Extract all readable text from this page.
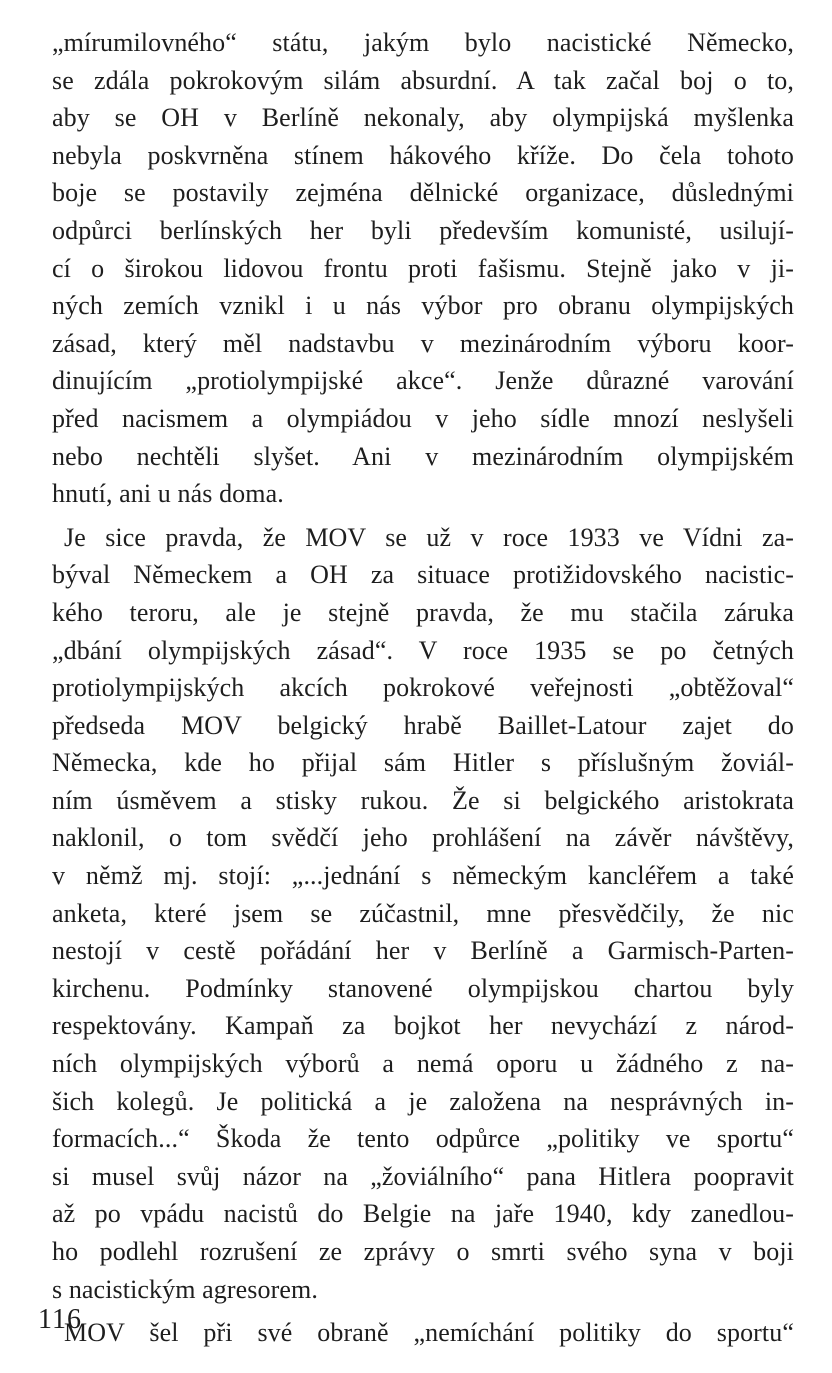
„mírumilovného“ státu, jakým bylo nacistické Německo,
se zdála pokrokovým silám absurdní. A tak začal boj o to,
aby se OH v Berlíně nekonaly, aby olympijská myšlenka
nebyla poskvrněna stínem hákového kříže. Do čela tohoto
boje se postavily zejména dělnické organizace, důslednými
odpůrci berlínských her byli především komunisté, usilují-
cí o širokou lidovou frontu proti fašismu. Stejně jako v ji-
ných zemích vznikl i u nás výbor pro obranu olympijských
zásad, který měl nadstavbu v mezinárodním výboru koor-
dinujícím „protiolympijské akce“. Jenže důrazné varování
před nacismem a olympiádou v jeho sídle mnozí neslyšeli
nebo nechtěli slyšet. Ani v mezinárodním olympijském
hnutí, ani u nás doma.
Je sice pravda, že MOV se už v roce 1933 ve Vídni za-
býval Německem a OH za situace protižidovského nacistic-
kého teroru, ale je stejně pravda, že mu stačila záruka
„dbání olympijských zásad“. V roce 1935 se po četných
protiolympijských akcích pokrokové veřejnosti „obtěžoval“
předseda MOV belgický hrabě Baillet-Latour zajet do
Německa, kde ho přijal sám Hitler s příslušným žoviál-
ním úsměvem a stisky rukou. Že si belgického aristokrata
naklonil, o tom svědčí jeho prohlášení na závěr návštěvy,
v němž mj. stojí: „...jednání s německým kancléřem a také
anketa, které jsem se zúčastnil, mne přesvědčily, že nic
nestojí v cestě pořádání her v Berlíně a Garmisch-Parten-
kirchenu. Podmínky stanovené olympijskou chartou byly
respektovány. Kampaň za bojkot her nevychází z národ-
ních olympijských výborů a nemá oporu u žádného z na-
šich kolegů. Je politická a je založena na nesprávných in-
formacích...“ Škoda že tento odpůrce „politiky ve sportu“
si musel svůj názor na „žoviálního“ pana Hitlera poopravit
až po vpádu nacistů do Belgie na jaře 1940, kdy zanedlou-
ho podlehl rozrušení ze zprávy o smrti svého syna v boji
s nacistickým agresorem.
MOV šel při své obraně „nemíchání politiky do sportu“
116
